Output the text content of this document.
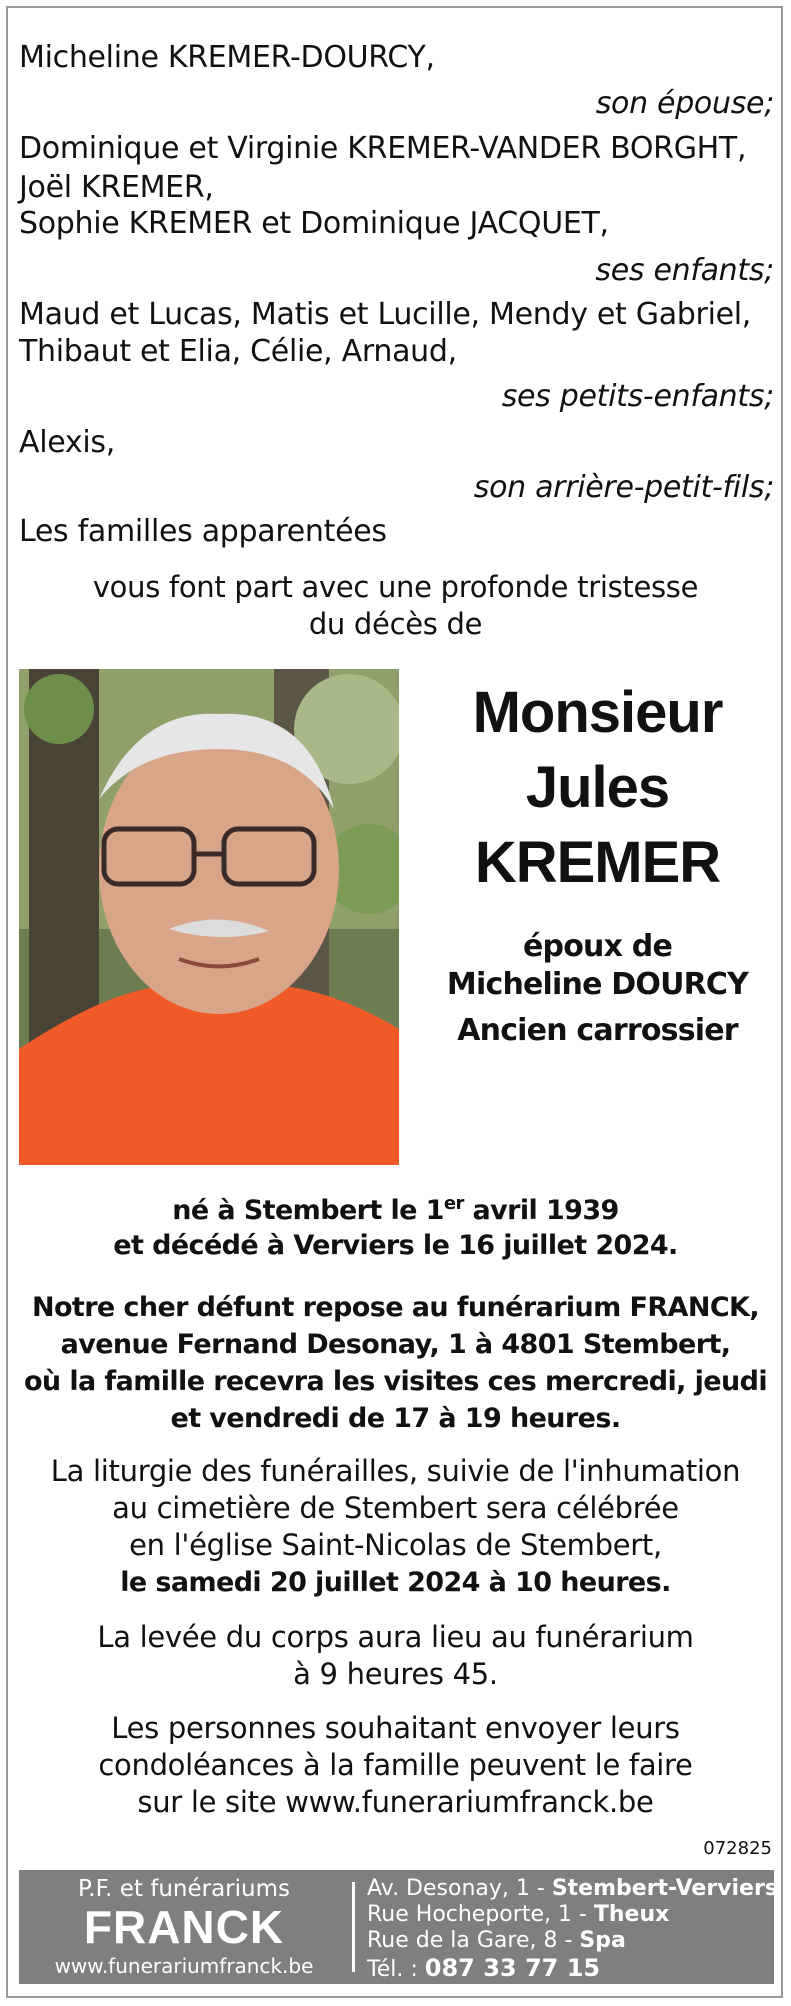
Micheline KREMER-DOURCY,
son épouse;
Dominique et Virginie KREMER-VANDER BORGHT,
Joël KREMER,
Sophie KREMER et Dominique JACQUET,
ses enfants;
Maud et Lucas, Matis et Lucille, Mendy et Gabriel,
Thibaut et Elia, Célie, Arnaud,
ses petits-enfants;
Alexis,
son arrière-petit-fils;
Les familles apparentées
vous font part avec une profonde tristesse
du décès de
Monsieur
Jules
KREMER
époux de
Micheline DOURCY
Ancien carrossier
né à Stembert le 1er avril 1939
et décédé à Verviers le 16 juillet 2024.
Notre cher défunt repose au funérarium FRANCK,
avenue Fernand Desonay, 1 à 4801 Stembert,
où la famille recevra les visites ces mercredi, jeudi
et vendredi de 17 à 19 heures.
La liturgie des funérailles, suivie de l'inhumation
au cimetière de Stembert sera célébrée
en l'église Saint-Nicolas de Stembert,
le samedi 20 juillet 2024 à 10 heures.
La levée du corps aura lieu au funérarium
à 9 heures 45.
Les personnes souhaitant envoyer leurs
condoléances à la famille peuvent le faire
sur le site www.funerariumfranck.be
072825
P.F. et funérariums
FRANCK
www.funerariumfranck.be
Av. Desonay, 1 - Stembert-Verviers
Rue Hocheporte, 1 - Theux
Rue de la Gare, 8 - Spa
Tél. : 087 33 77 15
